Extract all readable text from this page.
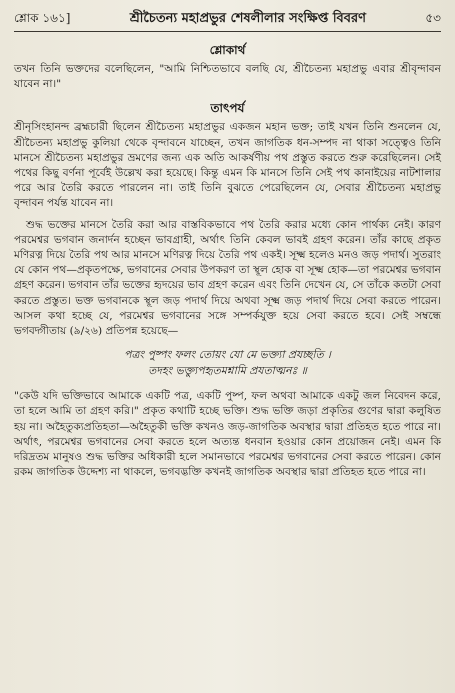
শ্লোক ১৬১]	শ্রীচৈতন্য মহাপ্রভুর শেষলীলার সংক্ষিপ্ত বিবরণ	৫৩
শ্লোকার্থ

তখন তিনি ভক্তদের বলেছিলেন, "আমি নিশ্চিতভাবে বলছি যে, শ্রীচৈতন্য মহাপ্রভু এবার শ্রীবৃন্দাবন যাবেন না।"

তাৎপর্য

শ্রীনৃসিংহানন্দ ব্রহ্মচারী ছিলেন শ্রীচৈতন্য মহাপ্রভুর একজন মহান ভক্ত; তাই যখন তিনি শুনলেন যে, শ্রীচৈতন্য মহাপ্রভু কুলিয়া থেকে বৃন্দাবনে যাচ্ছেন, তখন জাগতিক ধন-সম্পদ না থাকা সত্ত্বেও তিনি মানসে শ্রীচৈতন্য মহাপ্রভুর ভ্রমণের জন্য এক অতি আকর্ষণীয় পথ প্রস্তুত করতে শুরু করেছিলেন। সেই পথের কিছু বর্ণনা পূর্বেই উল্লেখ করা হয়েছে। কিন্তু এমন কি মানসে তিনি সেই পথ কানাইয়ের নাটশালার পরে আর তৈরি করতে পারলেন না। তাই তিনি বুঝতে পেরেছিলেন যে, সেবার শ্রীচৈতন্য মহাপ্রভু বৃন্দাবন পর্যন্ত যাবেন না।

শুদ্ধ ভক্তের মানসে তৈরি করা আর বাস্তবিকভাবে পথ তৈরি করার মধ্যে কোন পার্থক্য নেই। কারণ পরমেশ্বর ভগবান জনার্দন হচ্ছেন ভাবগ্রাহী, অর্থাৎ তিনি কেবল ভাবই গ্রহণ করেন। তাঁর কাছে প্রকৃত মণিরত্ন দিয়ে তৈরি পথ আর মানসে মণিরত্ন দিয়ে তৈরি পথ একই। সূক্ষ্ম হলেও মনও জড় পদার্থ। সুতরাং যে কোন পথ—প্রকৃতপক্ষে, ভগবানের সেবার উপকরণ তা স্থূল হোক বা সূক্ষ্ম হোক—তা পরমেশ্বর ভগবান গ্রহণ করেন। ভগবান তাঁর ভক্তের হৃদয়ের ভাব গ্রহণ করেন এবং তিনি দেখেন যে, সে তাঁকে কতটা সেবা করতে প্রস্তুত। ভক্ত ভগবানকে স্থূল জড় পদার্থ দিয়ে অথবা সূক্ষ্ম জড় পদার্থ দিয়ে সেবা করতে পারেন। আসল কথা হচ্ছে যে, পরমেশ্বর ভগবানের সঙ্গে সম্পর্কযুক্ত হয়ে সেবা করতে হবে। সেই সম্বন্ধে ভগবদ্গীতায় (৯/২৬) প্রতিপন্ন হয়েছে—

পত্রং পুষ্পং ফলং তোয়ং যো মে ভক্ত্যা প্রযচ্ছতি ।
তদহং ভক্ত্যুপহৃতমশ্নামি প্রযতাত্মনঃ ॥

"কেউ যদি ভক্তিভাবে আমাকে একটি পত্র, একটি পুষ্প, ফল অথবা আমাকে একটু জল নিবেদন করে, তা হলে আমি তা গ্রহণ করি।" প্রকৃত কথাটি হচ্ছে ভক্তি। শুদ্ধ ভক্তি জড়া প্রকৃতির গুণের দ্বারা কলুষিত হয় না। অহৈতুক্যপ্রতিহতা—অহৈতুকী ভক্তি কখনও জড়-জাগতিক অবস্থার দ্বারা প্রতিহত হতে পারে না। অর্থাৎ, পরমেশ্বর ভগবানের সেবা করতে হলে অত্যন্ত ধনবান হওয়ার কোন প্রয়োজন নেই। এমন কি দরিদ্রতম মানুষও শুদ্ধ ভক্তির অধিকারী হলে সমানভাবে পরমেশ্বর ভগবানের সেবা করতে পারেন। কোন রকম জাগতিক উদ্দেশ্য না থাকলে, ভগবদ্ভক্তি কখনই জাগতিক অবস্থার দ্বারা প্রতিহত হতে পারে না।
